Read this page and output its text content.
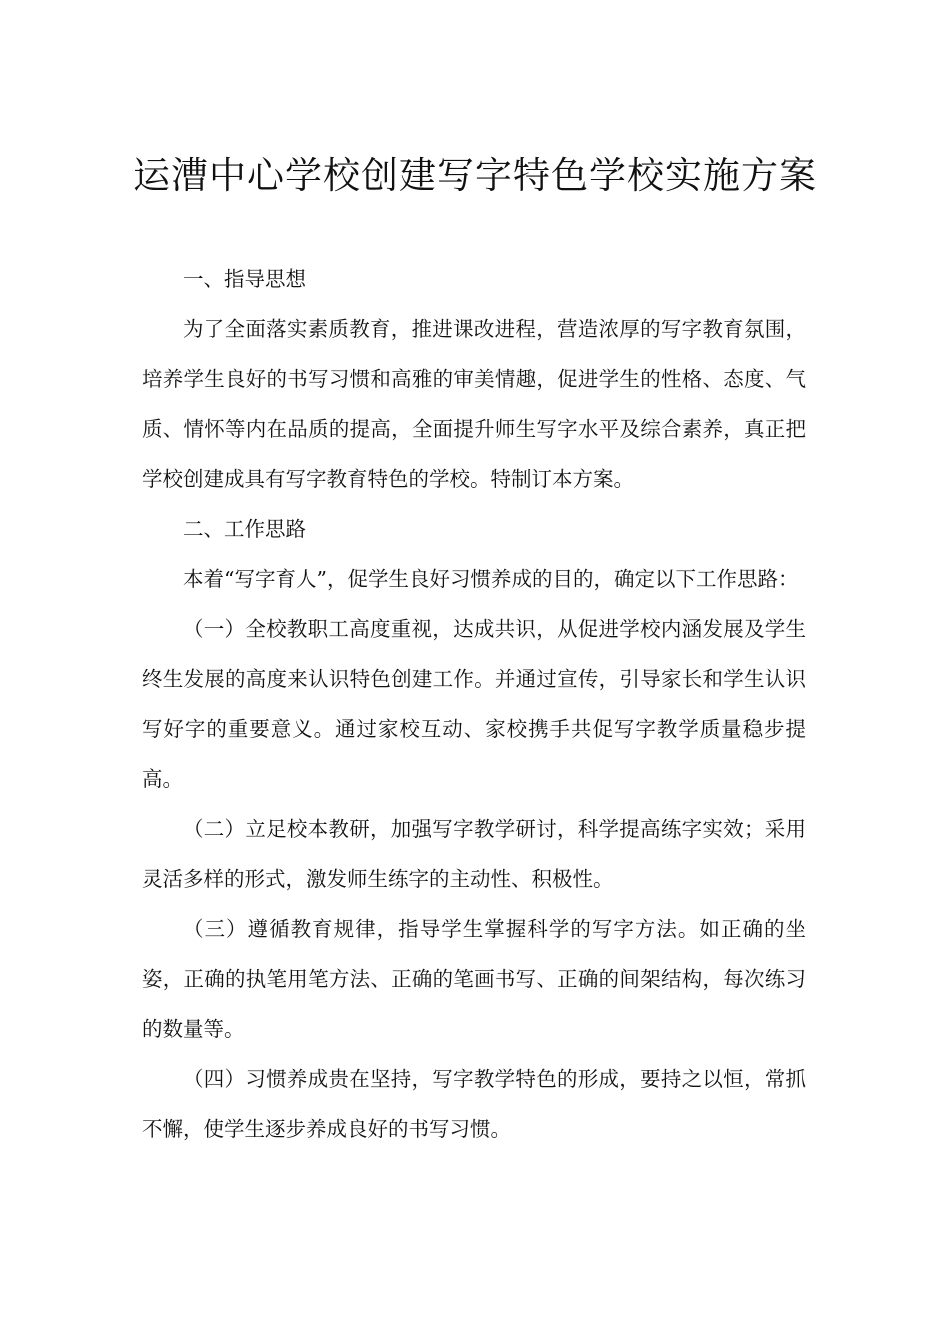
运漕中心学校创建写字特色学校实施方案

一、指导思想

为了全面落实素质教育，推进课改进程，营造浓厚的写字教育氛围，培养学生良好的书写习惯和高雅的审美情趣，促进学生的性格、态度、气质、情怀等内在品质的提高，全面提升师生写字水平及综合素养，真正把学校创建成具有写字教育特色的学校。特制订本方案。

二、工作思路

本着“写字育人”，促学生良好习惯养成的目的，确定以下工作思路：

（一）全校教职工高度重视，达成共识，从促进学校内涵发展及学生终生发展的高度来认识特色创建工作。并通过宣传，引导家长和学生认识写好字的重要意义。通过家校互动、家校携手共促写字教学质量稳步提高。

（二）立足校本教研，加强写字教学研讨，科学提高练字实效；采用灵活多样的形式，激发师生练字的主动性、积极性。

（三）遵循教育规律，指导学生掌握科学的写字方法。如正确的坐姿，正确的执笔用笔方法、正确的笔画书写、正确的间架结构，每次练习的数量等。

（四）习惯养成贵在坚持，写字教学特色的形成，要持之以恒，常抓不懈，使学生逐步养成良好的书写习惯。
